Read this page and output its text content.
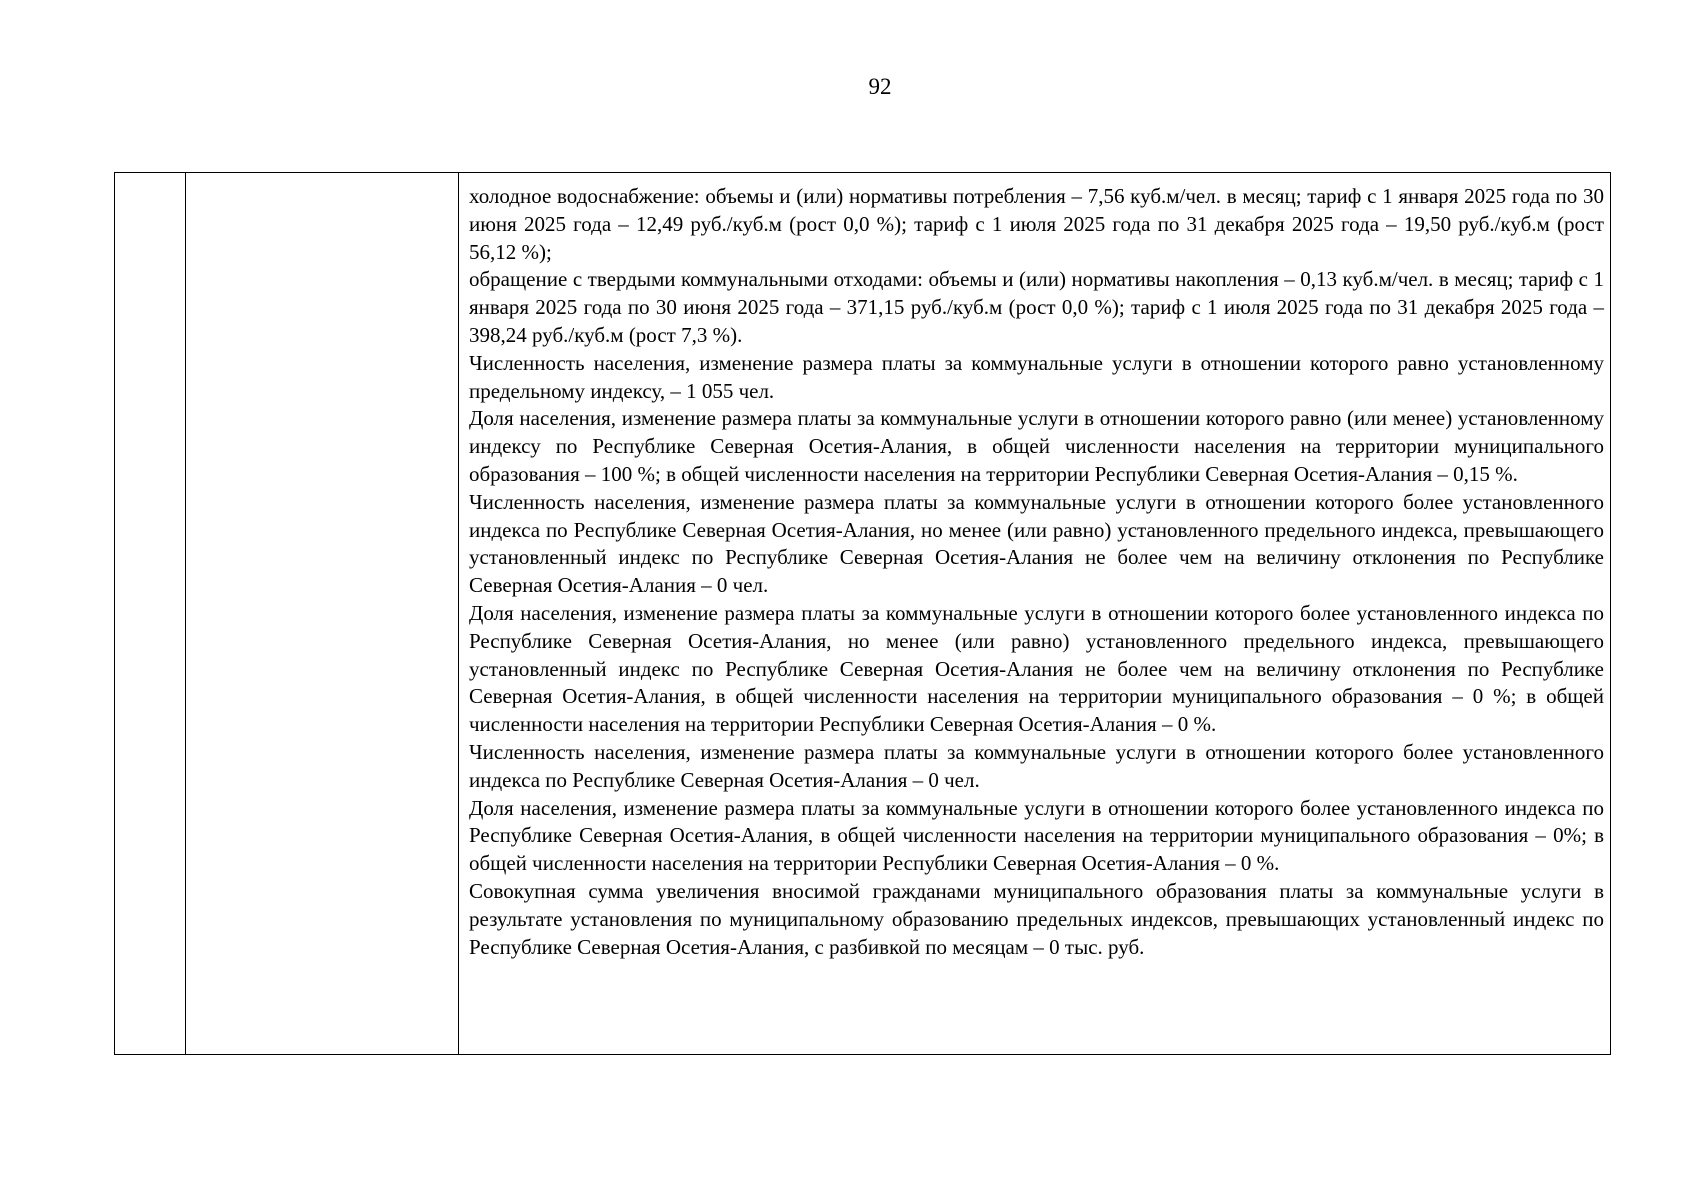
92

холодное водоснабжение: объемы и (или) нормативы потребления – 7,56 куб.м/чел. в месяц; тариф с 1 января 2025 года по 30 июня 2025 года – 12,49 руб./куб.м (рост 0,0 %); тариф с 1 июля 2025 года по 31 декабря 2025 года – 19,50 руб./куб.м (рост 56,12 %);

обращение с твердыми коммунальными отходами: объемы и (или) нормативы накопления – 0,13 куб.м/чел. в месяц; тариф с 1 января 2025 года по 30 июня 2025 года – 371,15 руб./куб.м (рост 0,0 %); тариф с 1 июля 2025 года по 31 декабря 2025 года –398,24 руб./куб.м (рост 7,3 %).

Численность населения, изменение размера платы за коммунальные услуги в отношении которого равно установленному предельному индексу, – 1 055 чел.

Доля населения, изменение размера платы за коммунальные услуги в отношении которого равно (или менее) установленному индексу по Республике Северная Осетия-Алания, в общей численности населения на территории муниципального образования – 100 %; в общей численности населения на территории Республики Северная Осетия-Алания – 0,15 %.

Численность населения, изменение размера платы за коммунальные услуги в отношении которого более установленного индекса по Республике Северная Осетия-Алания, но менее (или равно) установленного предельного индекса, превышающего установленный индекс по Республике Северная Осетия-Алания не более чем на величину отклонения по Республике Северная Осетия-Алания – 0 чел.

Доля населения, изменение размера платы за коммунальные услуги в отношении которого более установленного индекса по Республике Северная Осетия-Алания, но менее (или равно) установленного предельного индекса, превышающего установленный индекс по Республике Северная Осетия-Алания не более чем на величину отклонения по Республике Северная Осетия-Алания, в общей численности населения на территории муниципального образования – 0 %; в общей численности населения на территории Республики Северная Осетия-Алания – 0 %.

Численность населения, изменение размера платы за коммунальные услуги в отношении которого более установленного индекса по Республике Северная Осетия-Алания – 0 чел.

Доля населения, изменение размера платы за коммунальные услуги в отношении которого более установленного индекса по Республике Северная Осетия-Алания, в общей численности населения на территории муниципального образования – 0%; в общей численности населения на территории Республики Северная Осетия-Алания – 0 %.

Совокупная сумма увеличения вносимой гражданами муниципального образования платы за коммунальные услуги в результате установления по муниципальному образованию предельных индексов, превышающих установленный индекс по Республике Северная Осетия-Алания, с разбивкой по месяцам – 0 тыс. руб.
